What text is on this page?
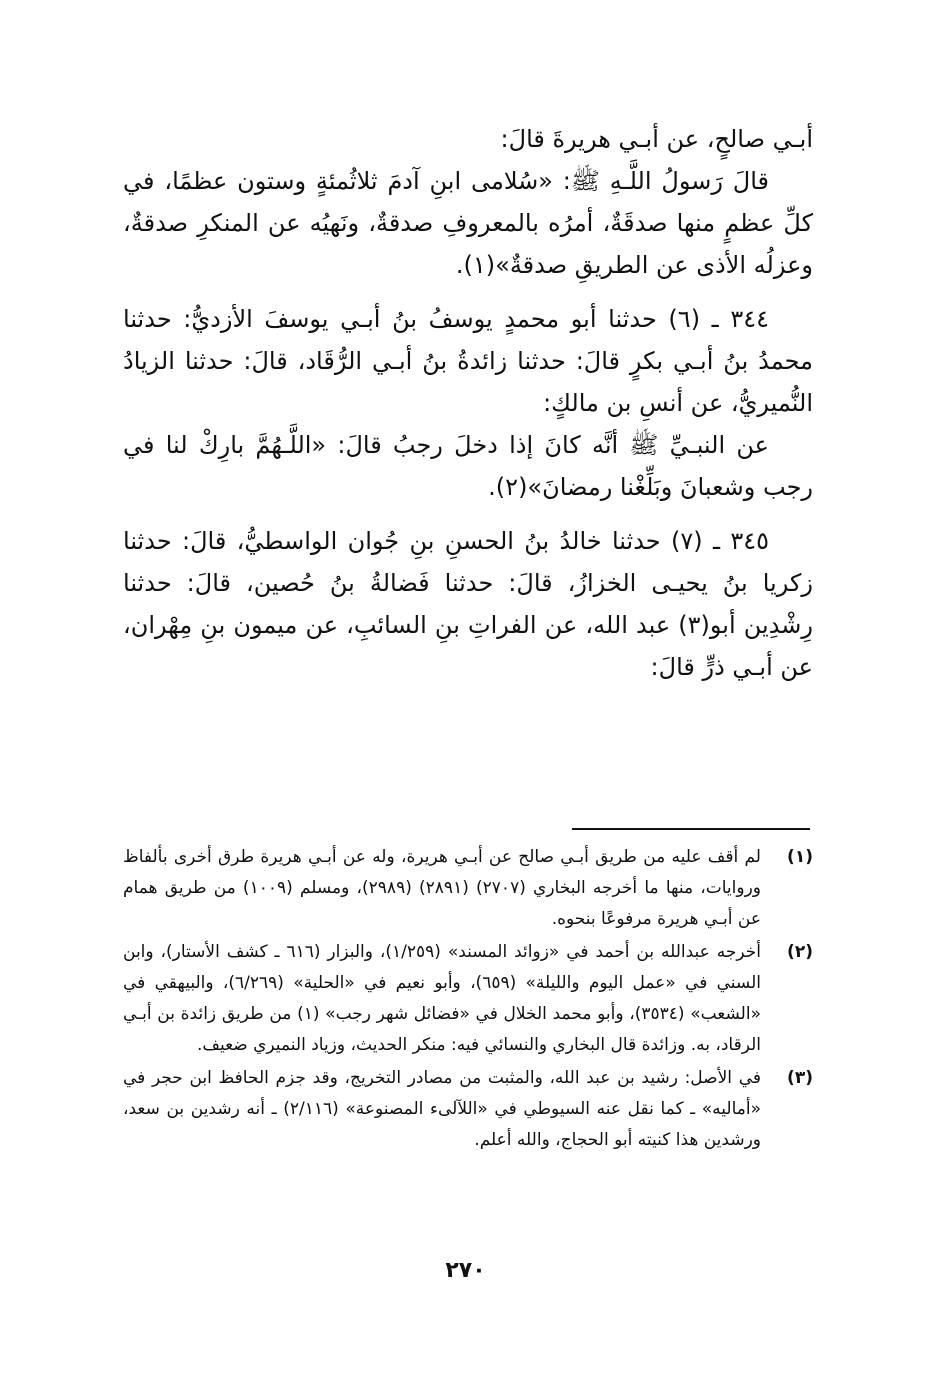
أبـي صالحٍ، عن أبـي هريرةَ قالَ:

قالَ رَسولُ اللَّـهِ ﷺ: «سُلامى ابنِ آدمَ ثلاثُمئةٍ وستون عظمًا، في كلِّ عظمٍ منها صدقَةٌ، أمرُه بالمعروفِ صدقةٌ، ونَهيُه عن المنكرِ صدقةٌ، وعزلُه الأذى عن الطريقِ صدقةٌ»(١).

٣٤٤ ـ (٦) حدثنا أبو محمدٍ يوسفُ بنُ أبـي يوسفَ الأزديُّ: حدثنا محمدُ بنُ أبـي بكرٍ قالَ: حدثنا زائدةُ بنُ أبـي الرُّقَاد، قالَ: حدثنا الزيادُ النُّميريُّ، عن أنسِ بن مالكٍ:

عن النبـيِّ ﷺ أنَّه كانَ إذا دخلَ رجبُ قالَ: «اللَّـهُمَّ بارِكْ لنا في رجب وشعبانَ وبَلِّغْنا رمضانَ»(٢).

٣٤٥ ـ (٧) حدثنا خالدُ بنُ الحسنِ بنِ جُوان الواسطيُّ، قالَ: حدثنا زكريا بنُ يحيـى الخزازُ، قالَ: حدثنا فَضالةُ بنُ حُصين، قالَ: حدثنا رِشْدِين أبو(٣) عبد الله، عن الفراتِ بنِ السائبِ، عن ميمون بنِ مِهْران، عن أبـي ذرٍّ قالَ:

(١)
لم أقف عليه من طريق أبـي صالح عن أبـي هريرة، وله عن أبـي هريرة طرق أخرى بألفاظ وروايات، منها ما أخرجه البخاري (٢٧٠٧) (٢٨٩١) (٢٩٨٩)، ومسلم (١٠٠٩) من طريق همام عن أبـي هريرة مرفوعًا بنحوه.
(٢)
أخرجه عبدالله بن أحمد في «زوائد المسند» (١/٢٥٩)، والبزار (٦١٦ ـ كشف الأستار)، وابن السني في «عمل اليوم والليلة» (٦٥٩)، وأبو نعيم في «الحلية» (٦/٢٦٩)، والبيهقي في «الشعب» (٣٥٣٤)، وأبو محمد الخلال في «فضائل شهر رجب» (١) من طريق زائدة بن أبـي الرقاد، به. وزائدة قال البخاري والنسائي فيه: منكر الحديث، وزياد النميري ضعيف.
(٣)
في الأصل: رشيد بن عبد الله، والمثبت من مصادر التخريج، وقد جزم الحافظ ابن حجر في «أماليه» ـ كما نقل عنه السيوطي في «اللآلىء المصنوعة» (٢/١١٦) ـ أنه رشدين بن سعد، ورشدين هذا كنيته أبو الحجاج، والله أعلم.
٢٧٠
